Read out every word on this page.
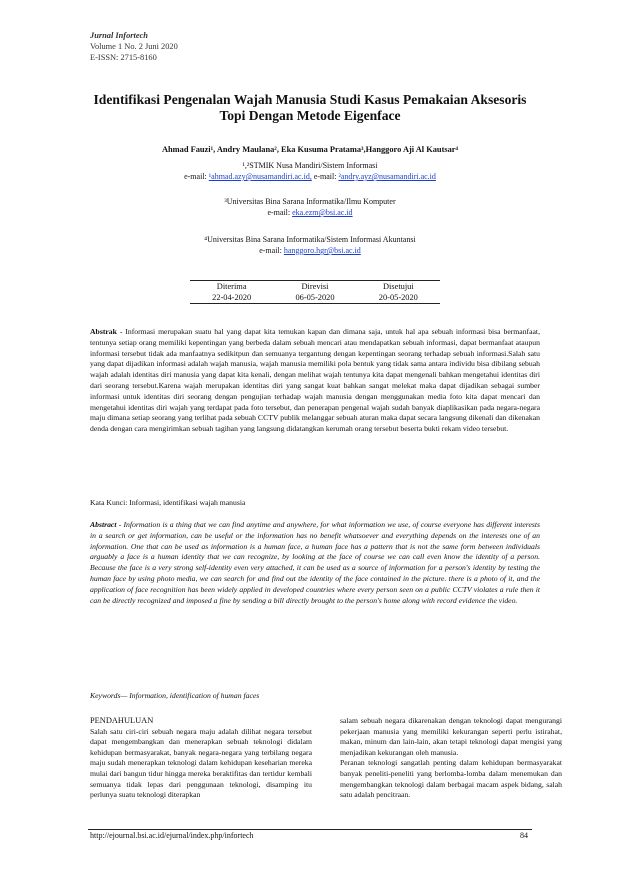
Jurnal Infortech
Volume 1 No. 2 Juni 2020
E-ISSN: 2715-8160
Identifikasi Pengenalan Wajah Manusia Studi Kasus Pemakaian Aksesoris Topi Dengan Metode Eigenface
Ahmad Fauzi¹, Andry Maulana², Eka Kusuma Pratama³,Hanggoro Aji Al Kautsar⁴
¹,²STMIK Nusa Mandiri/Sistem Informasi
e-mail: ¹ahmad.azy@nusamandiri.ac.id, e-mail: ²andry.ayz@nusamandiri.ac.id
³Universitas Bina Sarana Informatika/Ilmu Komputer
e-mail: eka.ezm@bsi.ac.id
⁴Universitas Bina Sarana Informatika/Sistem Informasi Akuntansi
e-mail: hanggoro.hgr@bsi.ac.id
Diterima	Direvisi	Disetujui
22-04-2020	06-05-2020	20-05-2020
Abstrak - Informasi merupakan suatu hal yang dapat kita temukan kapan dan dimana saja, untuk hal apa sebuah informasi bisa bermanfaat, tentunya setiap orang memiliki kepentingan yang berbeda dalam sebuah mencari atau mendapatkan sebuah informasi, dapat bermanfaat ataupun informasi tersebut tidak ada manfaatnya sedikitpun dan semuanya tergantung dengan kepentingan seorang terhadap sebuah informasi.Salah satu yang dapat dijadikan informasi adalah wajah manusia, wajah manusia memiliki pola bentuk yang tidak sama antara individu bisa dibilang sebuah wajah adalah identitas diri manusia yang dapat kita kenali, dengan melihat wajah tentunya kita dapat mengenali bahkan mengetahui identitas diri dari seorang tersebut.Karena wajah merupakan identitas diri yang sangat kuat bahkan sangat melekat maka dapat dijadikan sebagai sumber informasi untuk identitas diri seorang dengan pengujian terhadap wajah manusia dengan menggunakan media foto kita dapat mencari dan mengetahui identitas diri wajah yang terdapat pada foto tersebut, dan penerapan pengenal wajah sudah banyak diaplikasikan pada negara-negara maju dimana setiap seorang yang terlihat pada sebuah CCTV publik melanggar sebuah aturan maka dapat secara langsung dikenali dan dikenakan denda dengan cara mengirimkan sebuah tagihan yang langsung didatangkan kerumah orang tersebut beserta bukti rekam video tersebut.
Kata Kunci: Informasi, identifikasi wajah manusia
Abstract - Information is a thing that we can find anytime and anywhere, for what information we use, of course everyone has different interests in a search or get information, can be useful or the information has no benefit whatsoever and everything depends on the interests one of an information. One that can be used as information is a human face, a human face has a pattern that is not the same form between individuals arguably a face is a human identity that we can recognize, by looking at the face of course we can call even know the identity of a person. Because the face is a very strong self-identity even very attached, it can be used as a source of information for a person's identity by testing the human face by using photo media, we can search for and find out the identity of the face contained in the picture. there is a photo of it, and the application of face recognition has been widely applied in developed countries where every person seen on a public CCTV violates a rule then it can be directly recognized and imposed a fine by sending a bill directly brought to the person's home along with record evidence the video.
Keywords— Information, identification of human faces
PENDAHULUAN
Salah satu ciri-ciri sebuah negara maju adalah dilihat negara tersebut dapat mengembangkan dan menerapkan sebuah teknologi didalam kehidupan bermasyarakat, banyak negara-negara yang terbilang negara maju sudah menerapkan teknologi dalam kehidupan keseharian mereka mulai dari bangun tidur hingga mereka beraktifitas dan tertidur kembali semuanya tidak lepas dari penggunaan teknologi, disamping itu perlunya suatu teknologi diterapkan
salam sebuah negara dikarenakan dengan teknologi dapat mengurangi pekerjaan manusia yang memiliki kekurangan seperti perlu istirahat, makan, minum dan lain-lain, akan tetapi teknologi dapat mengisi yang menjadikan kekurangan oleh manusia.
Peranan teknologi sangatlah penting dalam kehidupan bermasyarakat banyak peneliti-peneliti yang berlomba-lomba dalam menemukan dan mengembangkan teknologi dalam berbagai macam aspek bidang, salah satu adalah pencitraan.
http://ejournal.bsi.ac.id/ejurnal/index.php/infortech	84
